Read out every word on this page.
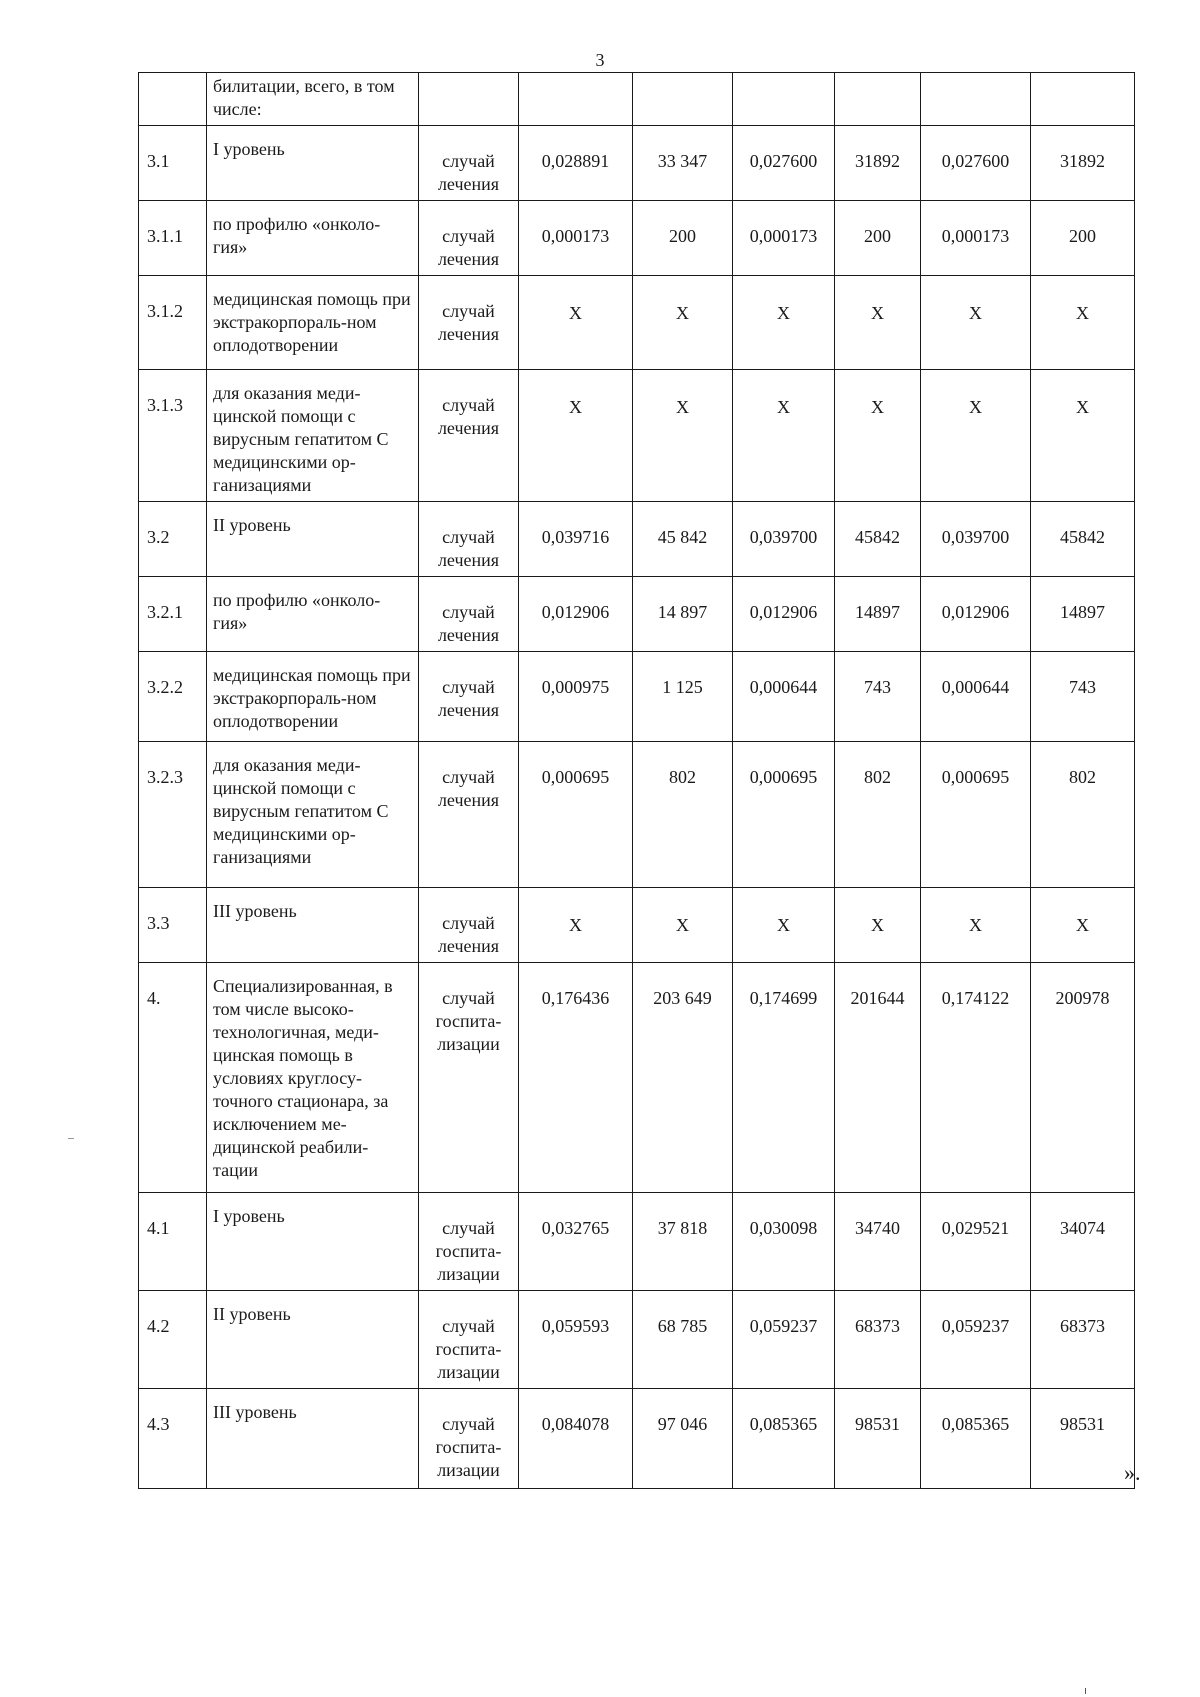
3
	билитации, всего, в том числе:							
3.1	I уровень	случай лечения	0,028891	33 347	0,027600	31892	0,027600	31892
3.1.1	по профилю «онколо-гия»	случай лечения	0,000173	200	0,000173	200	0,000173	200
3.1.2	медицинская помощь при экстракорпораль-ном оплодотворении	случай лечения	X	X	X	X	X	X
3.1.3	для оказания меди-цинской помощи с вирусным гепатитом С медицинскими ор-ганизациями	случай лечения	X	X	X	X	X	X
3.2	II уровень	случай лечения	0,039716	45 842	0,039700	45842	0,039700	45842
3.2.1	по профилю «онколо-гия»	случай лечения	0,012906	14 897	0,012906	14897	0,012906	14897
3.2.2	медицинская помощь при экстракорпораль-ном оплодотворении	случай лечения	0,000975	1 125	0,000644	743	0,000644	743
3.2.3	для оказания меди-цинской помощи с вирусным гепатитом С медицинскими ор-ганизациями	случай лечения	0,000695	802	0,000695	802	0,000695	802
3.3	III уровень	случай лечения	X	X	X	X	X	X
4.	Специализированная, в том числе высоко-технологичная, меди-цинская помощь в условиях круглосу-точного стационара, за исключением ме-дицинской реабили-тации	случай госпита-лизации	0,176436	203 649	0,174699	201644	0,174122	200978
4.1	I уровень	случай госпита-лизации	0,032765	37 818	0,030098	34740	0,029521	34074
4.2	II уровень	случай госпита-лизации	0,059593	68 785	0,059237	68373	0,059237	68373
4.3	III уровень	случай госпита-лизации	0,084078	97 046	0,085365	98531	0,085365	98531
».
